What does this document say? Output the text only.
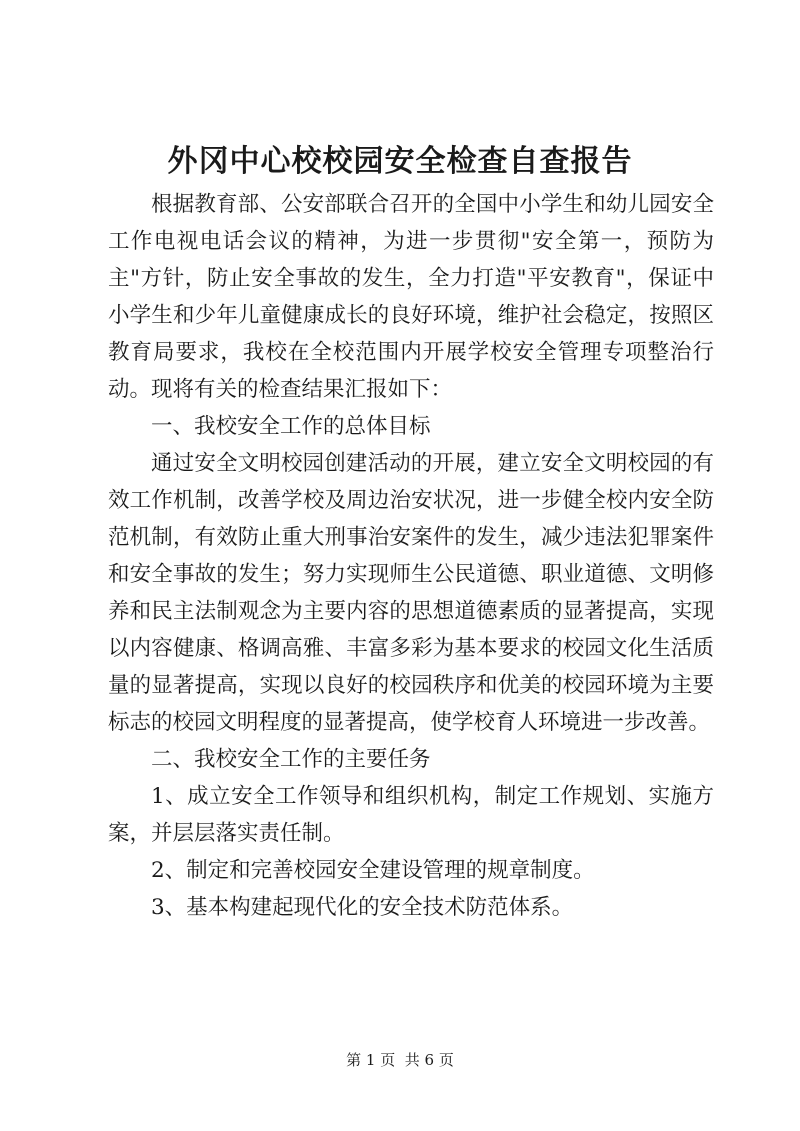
外冈中心校校园安全检查自查报告

根据教育部、公安部联合召开的全国中小学生和幼儿园安全工作电视电话会议的精神，为进一步贯彻"安全第一，预防为主"方针，防止安全事故的发生，全力打造"平安教育"，保证中小学生和少年儿童健康成长的良好环境，维护社会稳定，按照区教育局要求，我校在全校范围内开展学校安全管理专项整治行动。现将有关的检查结果汇报如下：

一、我校安全工作的总体目标

通过安全文明校园创建活动的开展，建立安全文明校园的有效工作机制，改善学校及周边治安状况，进一步健全校内安全防范机制，有效防止重大刑事治安案件的发生，减少违法犯罪案件和安全事故的发生；努力实现师生公民道德、职业道德、文明修养和民主法制观念为主要内容的思想道德素质的显著提高，实现以内容健康、格调高雅、丰富多彩为基本要求的校园文化生活质量的显著提高，实现以良好的校园秩序和优美的校园环境为主要标志的校园文明程度的显著提高，使学校育人环境进一步改善。

二、我校安全工作的主要任务

1、成立安全工作领导和组织机构，制定工作规划、实施方案，并层层落实责任制。

2、制定和完善校园安全建设管理的规章制度。

3、基本构建起现代化的安全技术防范体系。

第 1 页 共 6 页
